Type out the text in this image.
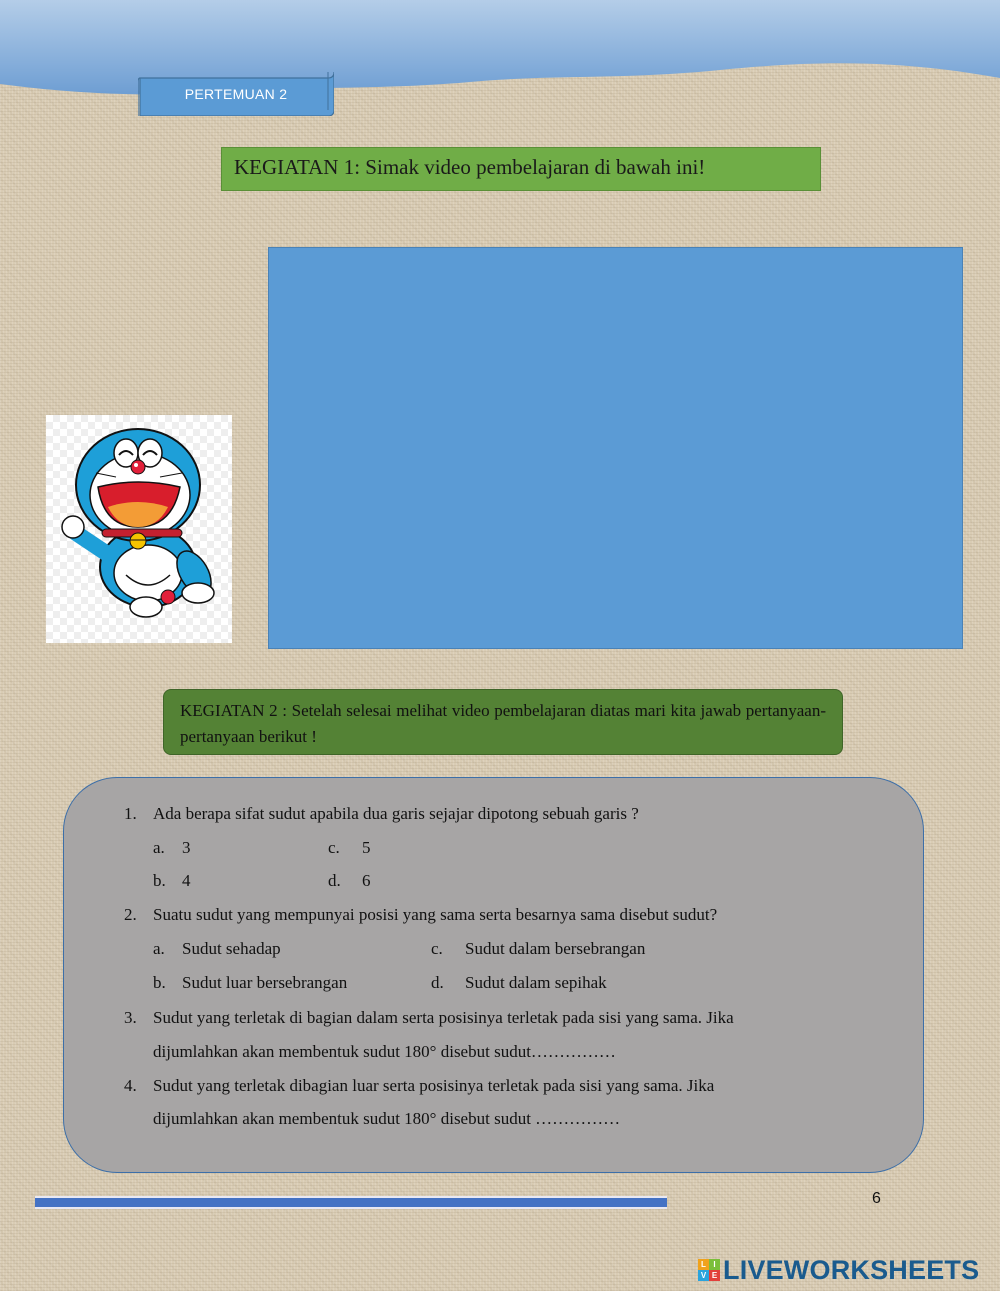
PERTEMUAN 2
KEGIATAN 1: Simak video pembelajaran di bawah ini!
KEGIATAN 2 : Setelah selesai melihat video pembelajaran diatas mari kita jawab pertanyaan-pertanyaan berikut !
1. Ada berapa sifat sudut apabila dua garis sejajar dipotong sebuah garis ?
a. 3
b. 4
c. 5
d. 6
2. Suatu sudut yang mempunyai posisi yang sama serta besarnya sama disebut sudut?
a. Sudut sehadap
b. Sudut luar bersebrangan
c. Sudut dalam bersebrangan
d. Sudut dalam sepihak
3. Sudut yang terletak di bagian dalam serta posisinya terletak pada sisi yang sama. Jika
dijumlahkan akan membentuk sudut 180° disebut sudut……………
4. Sudut yang terletak dibagian luar serta posisinya terletak pada sisi yang sama. Jika
dijumlahkan akan membentuk sudut 180° disebut sudut ……………
6
L I
V E LIVEWORKSHEETS
